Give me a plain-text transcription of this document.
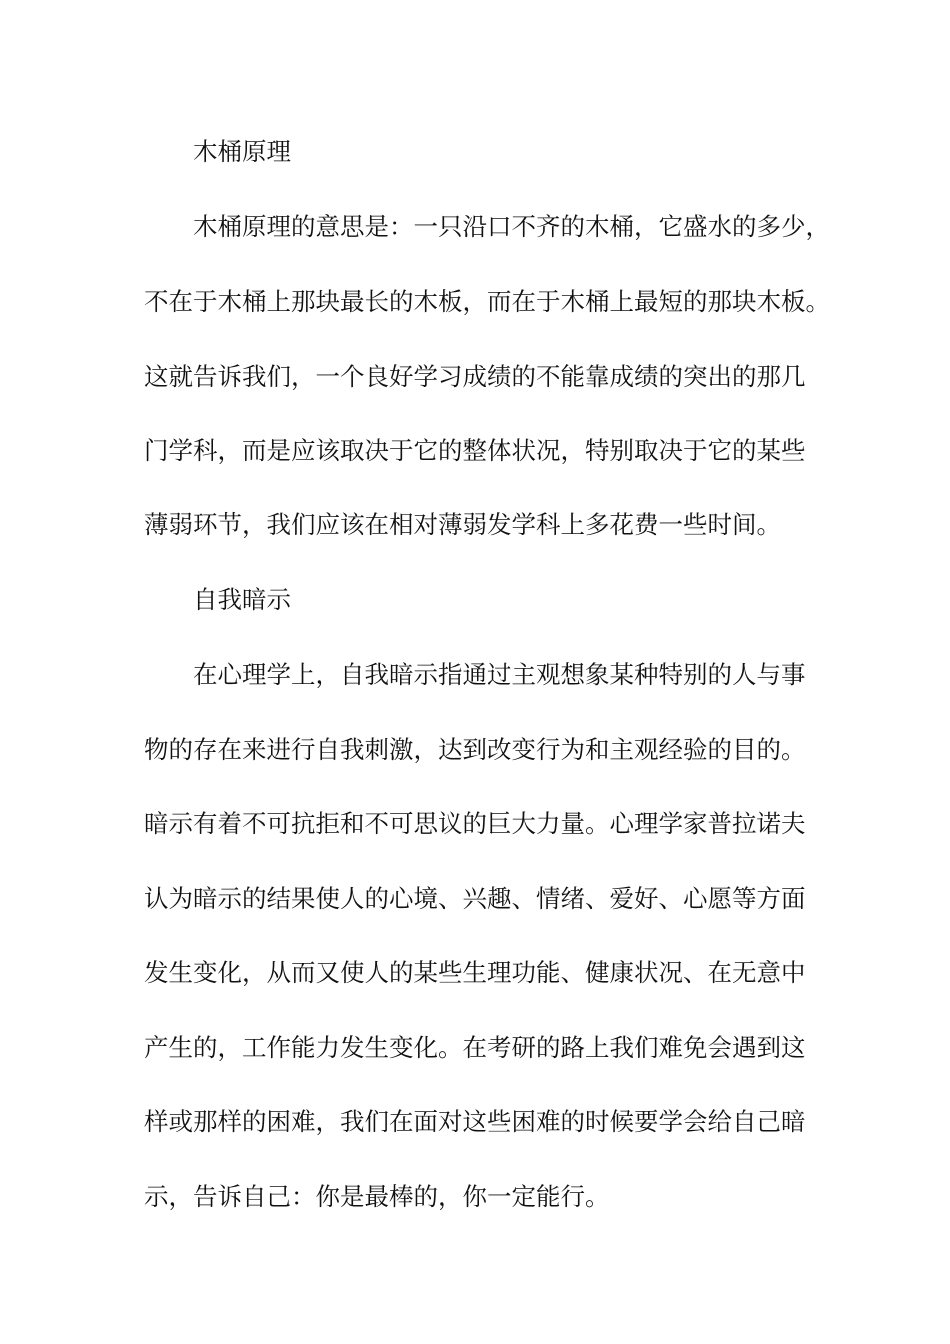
木桶原理

木桶原理的意思是：一只沿口不齐的木桶，它盛水的多少，

不在于木桶上那块最长的木板，而在于木桶上最短的那块木板。

这就告诉我们，一个良好学习成绩的不能靠成绩的突出的那几

门学科，而是应该取决于它的整体状况，特别取决于它的某些

薄弱环节，我们应该在相对薄弱发学科上多花费一些时间。

自我暗示

在心理学上，自我暗示指通过主观想象某种特别的人与事

物的存在来进行自我刺激，达到改变行为和主观经验的目的。

暗示有着不可抗拒和不可思议的巨大力量。心理学家普拉诺夫

认为暗示的结果使人的心境、兴趣、情绪、爱好、心愿等方面

发生变化，从而又使人的某些生理功能、健康状况、在无意中

产生的，工作能力发生变化。在考研的路上我们难免会遇到这

样或那样的困难，我们在面对这些困难的时候要学会给自己暗

示，告诉自己：你是最棒的，你一定能行。
